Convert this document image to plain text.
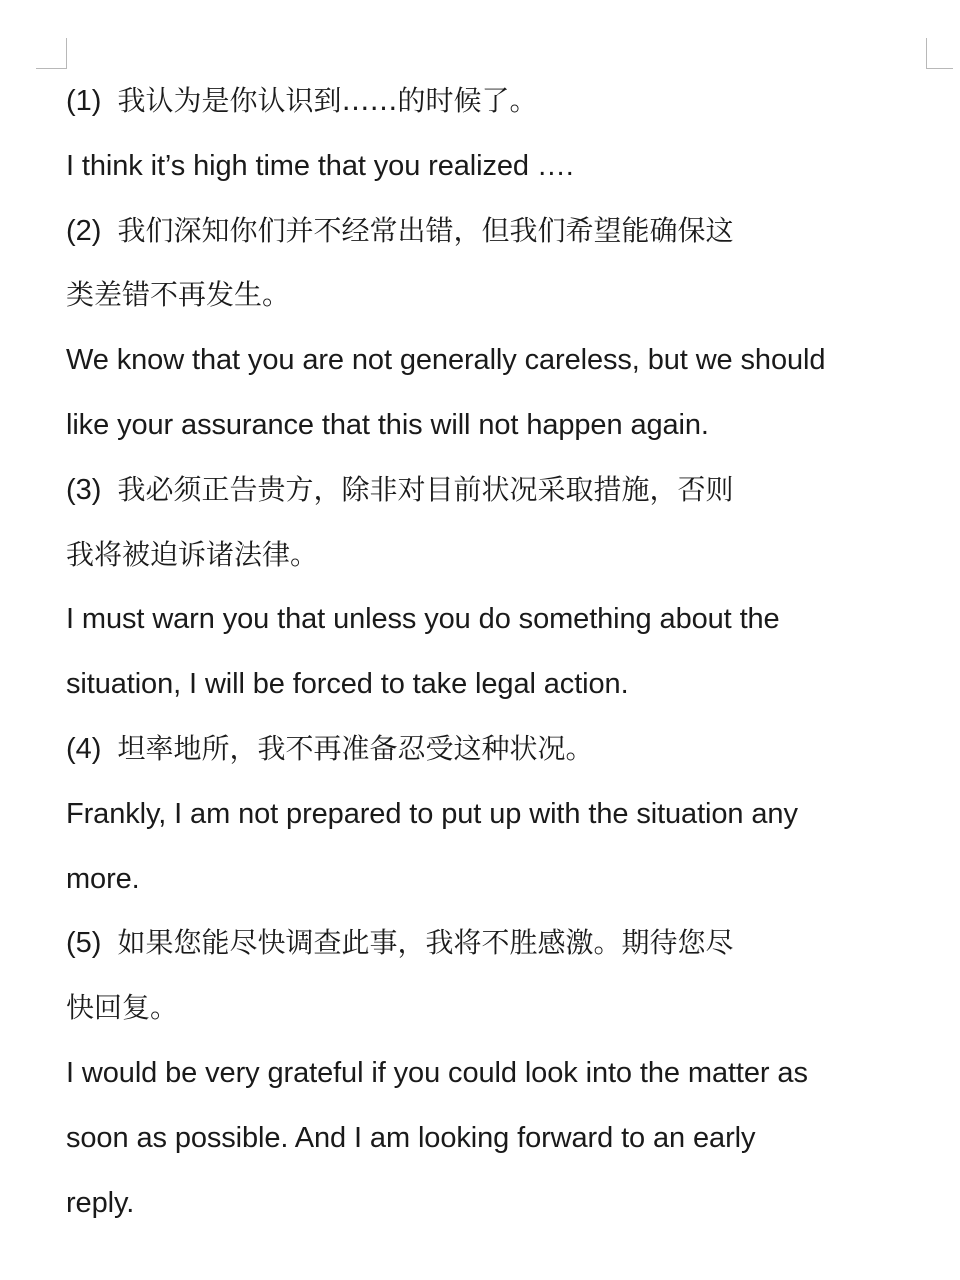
(1) 我认为是你认识到……的时候了。
I think it’s high time that you realized ….
(2) 我们深知你们并不经常出错，但我们希望能确保这
类差错不再发生。
We know that you are not generally careless, but we should
like your assurance that this will not happen again.
(3) 我必须正告贵方，除非对目前状况采取措施，否则
我将被迫诉诸法律。
I must warn you that unless you do something about the
situation, I will be forced to take legal action.
(4) 坦率地所，我不再准备忍受这种状况。
Frankly, I am not prepared to put up with the situation any
more.
(5) 如果您能尽快调查此事，我将不胜感激。期待您尽
快回复。
I would be very grateful if you could look into the matter as
soon as possible. And I am looking forward to an early
reply.
